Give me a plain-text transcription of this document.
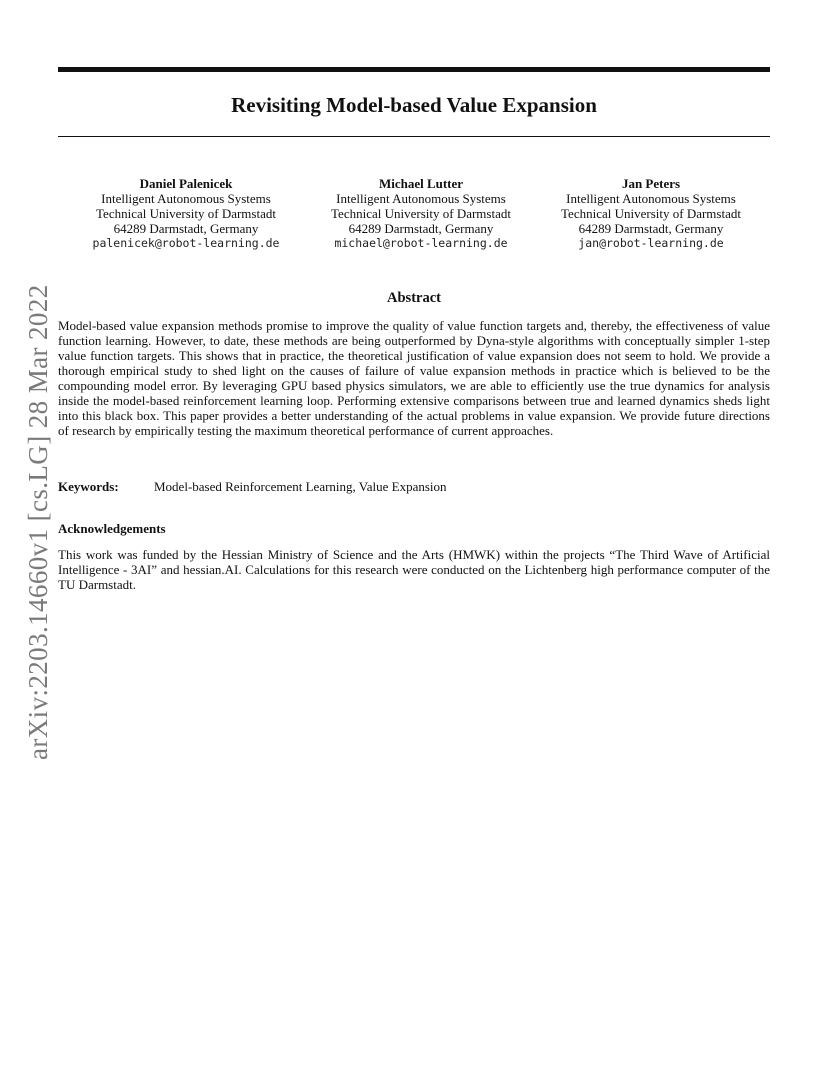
Revisiting Model-based Value Expansion
Daniel Palenicek
Intelligent Autonomous Systems
Technical University of Darmstadt
64289 Darmstadt, Germany
palenicek@robot-learning.de
Michael Lutter
Intelligent Autonomous Systems
Technical University of Darmstadt
64289 Darmstadt, Germany
michael@robot-learning.de
Jan Peters
Intelligent Autonomous Systems
Technical University of Darmstadt
64289 Darmstadt, Germany
jan@robot-learning.de
arXiv:2203.14660v1 [cs.LG] 28 Mar 2022	Abstract

Model-based value expansion methods promise to improve the quality of value function targets and, thereby, the effectiveness of value function learning. However, to date, these methods are being outperformed by Dyna-style algorithms with conceptually simpler 1-step value function targets. This shows that in practice, the theoretical justification of value expansion does not seem to hold. We provide a thorough empirical study to shed light on the causes of failure of value expansion methods in practice which is believed to be the compounding model error. By leveraging GPU based physics simulators, we are able to efficiently use the true dynamics for analysis inside the model-based reinforcement learning loop. Performing extensive comparisons between true and learned dynamics sheds light into this black box. This paper provides a better understanding of the actual problems in value expansion. We provide future directions of research by empirically testing the maximum theoretical performance of current approaches.

Keywords:	Model-based Reinforcement Learning, Value Expansion
Acknowledgements

This work was funded by the Hessian Ministry of Science and the Arts (HMWK) within the projects “The Third Wave of Artificial Intelligence - 3AI” and hessian.AI. Calculations for this research were conducted on the Lichtenberg high performance computer of the TU Darmstadt.
